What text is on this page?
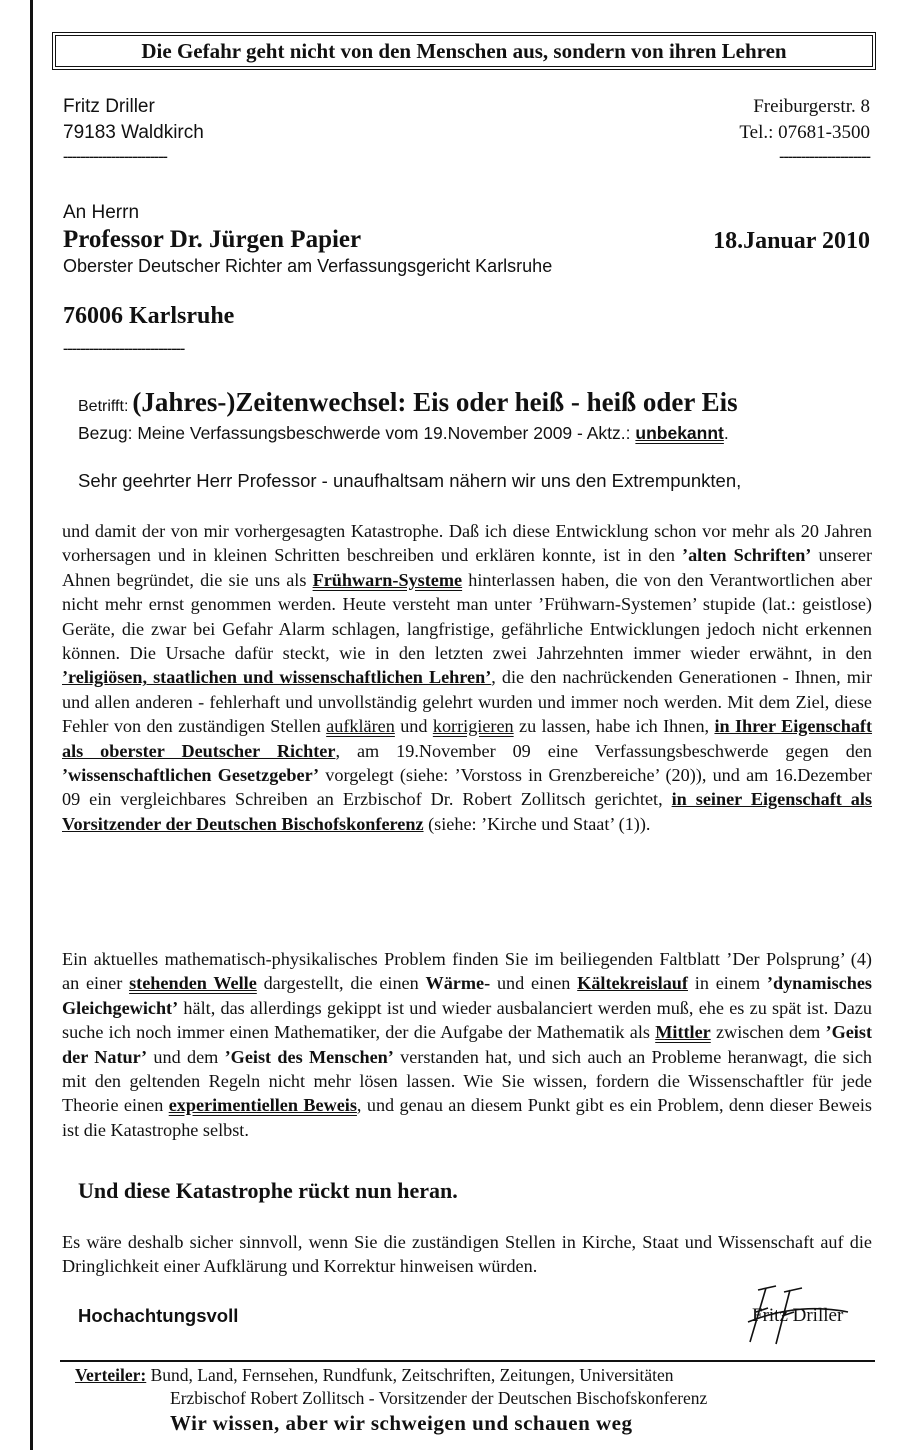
Die Gefahr geht nicht von den Menschen aus, sondern von ihren Lehren
Fritz Driller
79183 Waldkirch
------------------------
Freiburgerstr. 8
Tel.: 07681-3500
---------------------
An Herrn
Professor Dr. Jürgen Papier
Oberster Deutscher Richter am Verfassungsgericht Karlsruhe
18.Januar 2010
76006 Karlsruhe
----------------------------
Betrifft: (Jahres-)Zeitenwechsel: Eis oder heiß - heiß oder Eis
Bezug: Meine Verfassungsbeschwerde vom 19.November 2009 - Aktz.: unbekannt.
Sehr geehrter Herr Professor - unaufhaltsam nähern wir uns den Extrempunkten,

und damit der von mir vorhergesagten Katastrophe. Daß ich diese Entwicklung schon vor mehr als 20 Jahren vorhersagen und in kleinen Schritten beschreiben und erklären konnte, ist in den ’alten Schriften’ unserer Ahnen begründet, die sie uns als Frühwarn-Systeme hinterlassen haben, die von den Verantwortlichen aber nicht mehr ernst genommen werden. Heute versteht man unter ’Frühwarn-Systemen’ stupide (lat.: geistlose) Geräte, die zwar bei Gefahr Alarm schlagen, langfristige, gefährliche Entwicklungen jedoch nicht erkennen können. Die Ursache dafür steckt, wie in den letzten zwei Jahrzehnten immer wieder erwähnt, in den ’religiösen, staatlichen und wissenschaftlichen Lehren’, die den nachrückenden Generationen - Ihnen, mir und allen anderen - fehlerhaft und unvollständig gelehrt wurden und immer noch werden. Mit dem Ziel, diese Fehler von den zuständigen Stellen aufklären und korrigieren zu lassen, habe ich Ihnen, in Ihrer Eigenschaft als oberster Deutscher Richter, am 19.November 09 eine Verfassungsbeschwerde gegen den ’wissenschaftlichen Gesetzgeber’ vorgelegt (siehe: ’Vorstoss in Grenzbereiche’ (20)), und am 16.Dezember 09 ein vergleichbares Schreiben an Erzbischof Dr. Robert Zollitsch gerichtet, in seiner Eigenschaft als Vorsitzender der Deutschen Bischofskonferenz (siehe: ’Kirche und Staat’ (1)).

Ein aktuelles mathematisch-physikalisches Problem finden Sie im beiliegenden Faltblatt ’Der Polsprung’ (4) an einer stehenden Welle dargestellt, die einen Wärme- und einen Kältekreislauf in einem ’dynamisches Gleichgewicht’ hält, das allerdings gekippt ist und wieder ausbalanciert werden muß, ehe es zu spät ist. Dazu suche ich noch immer einen Mathematiker, der die Aufgabe der Mathematik als Mittler zwischen dem ’Geist der Natur’ und dem ’Geist des Menschen’ verstanden hat, und sich auch an Probleme heranwagt, die sich mit den geltenden Regeln nicht mehr lösen lassen. Wie Sie wissen, fordern die Wissenschaftler für jede Theorie einen experimentiellen Beweis, und genau an diesem Punkt gibt es ein Problem, denn dieser Beweis ist die Katastrophe selbst.

Und diese Katastrophe rückt nun heran.
Es wäre deshalb sicher sinnvoll, wenn Sie die zuständigen Stellen in Kirche, Staat und Wissenschaft auf die Dringlichkeit einer Aufklärung und Korrektur hinweisen würden.
Hochachtungsvoll	Fritz Driller
Verteiler: Bund, Land, Fernsehen, Rundfunk, Zeitschriften, Zeitungen, Universitäten
Erzbischof Robert Zollitsch - Vorsitzender der Deutschen Bischofskonferenz
Wir wissen, aber wir schweigen und schauen weg
